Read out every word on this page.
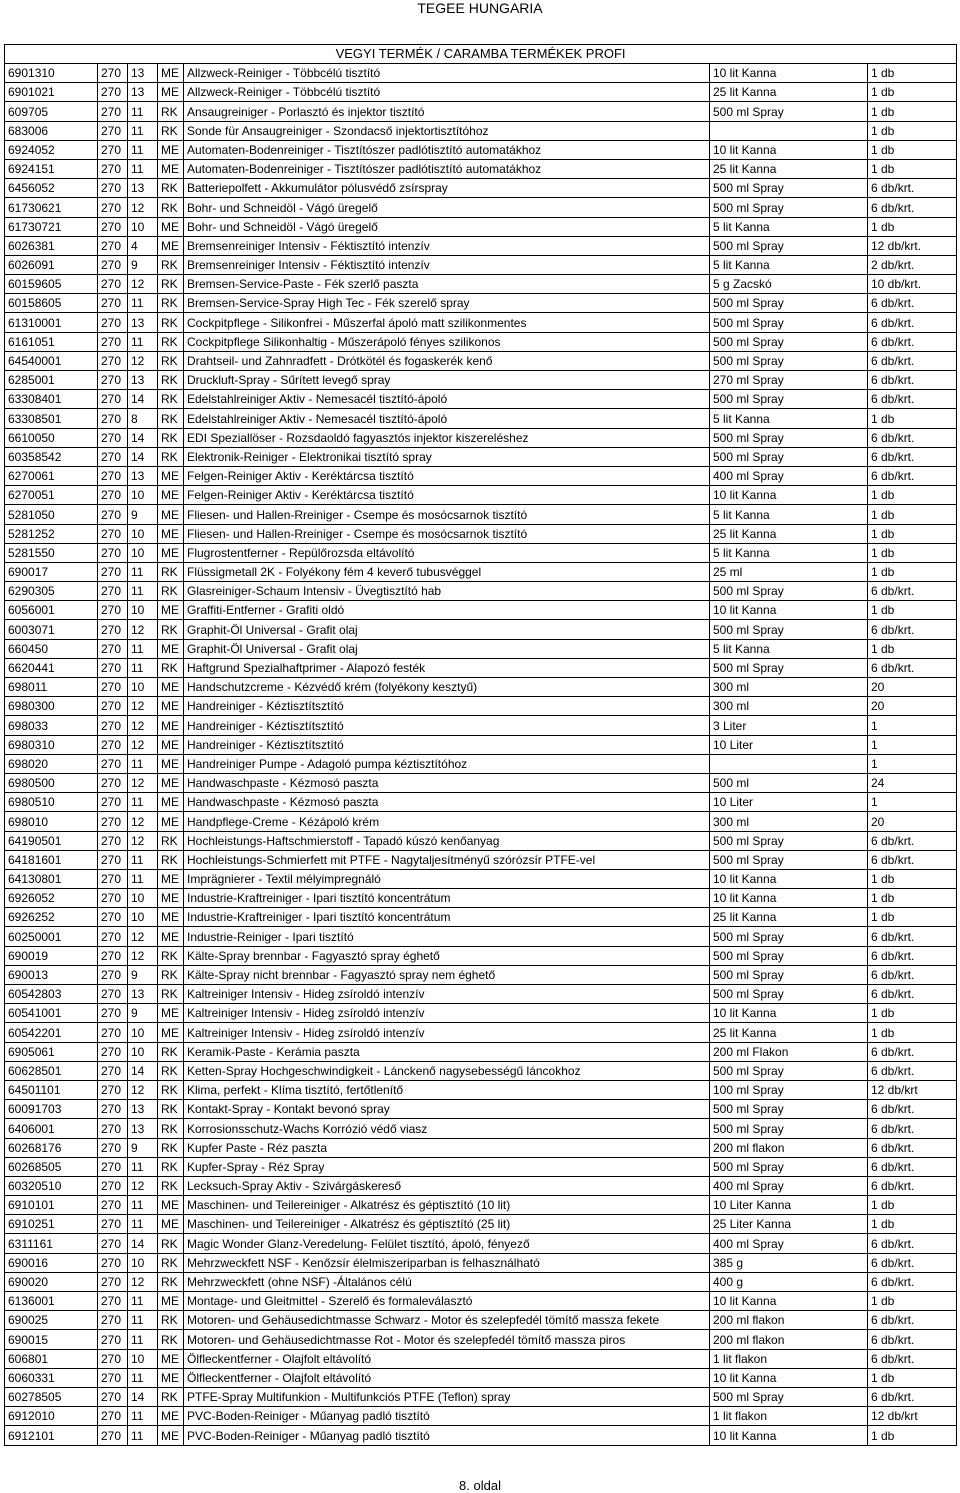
TEGEE HUNGARIA
VEGYI TERMÉK / CARAMBA TERMÉKEK PROFI						
6901310	270	13	ME	Allzweck-Reiniger - Többcélú tisztító	10 lit Kanna	1 db
6901021	270	13	ME	Allzweck-Reiniger - Többcélú tisztító	25 lit Kanna	1 db
609705	270	11	RK	Ansaugreiniger - Porlasztó és injektor tisztító	500 ml Spray	1 db
683006	270	11	RK	Sonde für Ansaugreiniger - Szondacső injektortisztítóhoz		1 db
6924052	270	11	ME	Automaten-Bodenreiniger - Tisztítószer padlótisztító automatákhoz	10 lit Kanna	1 db
6924151	270	11	ME	Automaten-Bodenreiniger - Tisztítószer padlótisztító automatákhoz	25 lit Kanna	1 db
6456052	270	13	RK	Batteriepolfett - Akkumulátor pólusvédő zsírspray	500 ml Spray	6 db/krt.
61730621	270	12	RK	Bohr- und Schneidöl - Vágó üregelő	500 ml Spray	6 db/krt.
61730721	270	10	ME	Bohr- und Schneidöl - Vágó üregelő	5 lit Kanna	1 db
6026381	270	4	ME	Bremsenreiniger Intensiv - Féktisztító intenzív	500 ml Spray	12 db/krt.
6026091	270	9	RK	Bremsenreiniger Intensiv - Féktisztító intenzív	5 lit Kanna	2 db/krt.
60159605	270	12	RK	Bremsen-Service-Paste - Fék szerlő paszta	5 g Zacskó	10 db/krt.
60158605	270	11	RK	Bremsen-Service-Spray High Tec - Fék szerelő spray	500 ml Spray	6 db/krt.
61310001	270	13	RK	Cockpitpflege - Silikonfrei - Műszerfal ápoló matt szilikonmentes	500 ml Spray	6 db/krt.
6161051	270	11	RK	Cockpitpflege Silikonhaltig - Műszerápoló fényes szilikonos	500 ml Spray	6 db/krt.
64540001	270	12	RK	Drahtseil- und Zahnradfett - Drótkötél és fogaskerék kenő	500 ml Spray	6 db/krt.
6285001	270	13	RK	Druckluft-Spray - Sűrített levegő spray	270 ml Spray	6 db/krt.
63308401	270	14	RK	Edelstahlreiniger Aktiv - Nemesacél tisztító-ápoló	500 ml Spray	6 db/krt.
63308501	270	8	RK	Edelstahlreiniger Aktiv - Nemesacél tisztító-ápoló	5 lit Kanna	1 db
6610050	270	14	RK	EDI Speziallöser - Rozsdaoldó fagyasztós injektor kiszereléshez	500 ml Spray	6 db/krt.
60358542	270	14	RK	Elektronik-Reiniger - Elektronikai tisztító spray	500 ml Spray	6 db/krt.
6270061	270	13	ME	Felgen-Reiniger Aktiv - Keréktárcsa tisztító	400 ml Spray	6 db/krt.
6270051	270	10	ME	Felgen-Reiniger Aktiv - Keréktárcsa tisztító	10 lit Kanna	1 db
5281050	270	9	ME	Fliesen- und Hallen-Rreiniger - Csempe és mosócsarnok tisztító	5 lit Kanna	1 db
5281252	270	10	ME	Fliesen- und Hallen-Rreiniger - Csempe és mosócsarnok tisztító	25 lit Kanna	1 db
5281550	270	10	ME	Flugrostentferner - Repülőrozsda eltávolító	5 lit Kanna	1 db
690017	270	11	RK	Flüssigmetall 2K - Folyékony fém 4 keverő tubusvéggel	25 ml	1 db
6290305	270	11	RK	Glasreiniger-Schaum Intensiv - Üvegtisztító hab	500 ml Spray	6 db/krt.
6056001	270	10	ME	Graffiti-Entferner - Grafiti oldó	10 lit Kanna	1 db
6003071	270	12	RK	Graphit-Öl Universal - Grafit olaj	500 ml Spray	6 db/krt.
660450	270	11	ME	Graphit-Öl Universal - Grafit olaj	5 lit Kanna	1 db
6620441	270	11	RK	Haftgrund Spezialhaftprimer - Alapozó festék	500 ml Spray	6 db/krt.
698011	270	10	ME	Handschutzcreme - Kézvédő krém (folyékony kesztyű)	300 ml	20
6980300	270	12	ME	Handreiniger - Kéztisztítsztító	300 ml	20
698033	270	12	ME	Handreiniger - Kéztisztítsztító	3 Liter	1
6980310	270	12	ME	Handreiniger - Kéztisztítsztító	10 Liter	1
698020	270	11	ME	Handreiniger Pumpe - Adagoló pumpa kéztisztítóhoz		1
6980500	270	12	ME	Handwaschpaste - Kézmosó paszta	500 ml	24
6980510	270	11	ME	Handwaschpaste - Kézmosó paszta	10 Liter	1
698010	270	12	ME	Handpflege-Creme - Kézápoló krém	300 ml	20
64190501	270	12	RK	Hochleistungs-Haftschmierstoff - Tapadó kúszó kenőanyag	500 ml Spray	6 db/krt.
64181601	270	11	RK	Hochleistungs-Schmierfett mit PTFE - Nagytaljesítményű szórózsír PTFE-vel	500 ml Spray	6 db/krt.
64130801	270	11	ME	Imprägnierer - Textil mélyimpregnáló	10 lit Kanna	1 db
6926052	270	10	ME	Industrie-Kraftreiniger - Ipari tisztító koncentrátum	10 lit Kanna	1 db
6926252	270	10	ME	Industrie-Kraftreiniger - Ipari tisztító koncentrátum	25 lit Kanna	1 db
60250001	270	12	ME	Industrie-Reiniger - Ipari tisztító	500 ml Spray	6 db/krt.
690019	270	12	RK	Kälte-Spray brennbar - Fagyasztó spray éghető	500 ml Spray	6 db/krt.
690013	270	9	RK	Kälte-Spray nicht brennbar - Fagyasztó spray nem éghető	500 ml Spray	6 db/krt.
60542803	270	13	RK	Kaltreiniger Intensiv - Hideg zsíroldó intenzív	500 ml Spray	6 db/krt.
60541001	270	9	ME	Kaltreiniger Intensiv - Hideg zsíroldó intenzív	10 lit Kanna	1 db
60542201	270	10	ME	Kaltreiniger Intensiv - Hideg zsíroldó intenzív	25 lit Kanna	1 db
6905061	270	10	RK	Keramik-Paste - Kerámia paszta	200 ml Flakon	6 db/krt.
60628501	270	14	RK	Ketten-Spray Hochgeschwindigkeit - Lánckenő nagysebességű láncokhoz	500 ml Spray	6 db/krt.
64501101	270	12	RK	Klima, perfekt - Klíma tisztító, fertőtlenítő	100 ml Spray	12 db/krt
60091703	270	13	RK	Kontakt-Spray - Kontakt bevonó spray	500 ml Spray	6 db/krt.
6406001	270	13	RK	Korrosionsschutz-Wachs Korrózió védő viasz	500 ml Spray	6 db/krt.
60268176	270	9	RK	Kupfer Paste - Réz paszta	200 ml flakon	6 db/krt.
60268505	270	11	RK	Kupfer-Spray - Réz Spray	500 ml Spray	6 db/krt.
60320510	270	12	RK	Lecksuch-Spray Aktiv - Szivárgáskereső	400 ml Spray	6 db/krt.
6910101	270	11	ME	Maschinen- und Teilereiniger - Alkatrész és géptisztító (10 lit)	10 Liter Kanna	1 db
6910251	270	11	ME	Maschinen- und Teilereiniger - Alkatrész és géptisztító (25 lit)	25 Liter Kanna	1 db
6311161	270	14	RK	Magic Wonder Glanz-Veredelung- Felület tisztító, ápoló, fényező	400 ml Spray	6 db/krt.
690016	270	10	RK	Mehrzweckfett NSF - Kenőzsír élelmiszeriparban is felhasználható	385 g	6 db/krt.
690020	270	12	RK	Mehrzweckfett (ohne NSF) -Általános célú	400 g	6 db/krt.
6136001	270	11	ME	Montage- und Gleitmittel - Szerelő és formaleválasztó	10 lit Kanna	1 db
690025	270	11	RK	Motoren- und Gehäusedichtmasse Schwarz - Motor és szelepfedél tömítő massza fekete	200 ml flakon	6 db/krt.
690015	270	11	RK	Motoren- und Gehäusedichtmasse Rot - Motor és szelepfedél tömítő massza piros	200 ml flakon	6 db/krt.
606801	270	10	ME	Ölfleckentferner - Olajfolt eltávolító	1 lit flakon	6 db/krt.
6060331	270	11	ME	Ölfleckentferner - Olajfolt eltávolító	10 lit Kanna	1 db
60278505	270	14	RK	PTFE-Spray Multifunkion - Multifunkciós PTFE (Teflon) spray	500 ml Spray	6 db/krt.
6912010	270	11	ME	PVC-Boden-Reiniger - Műanyag padló tisztító	1 lit flakon	12 db/krt
6912101	270	11	ME	PVC-Boden-Reiniger - Műanyag padló tisztító	10 lit Kanna	1 db
8. oldal
